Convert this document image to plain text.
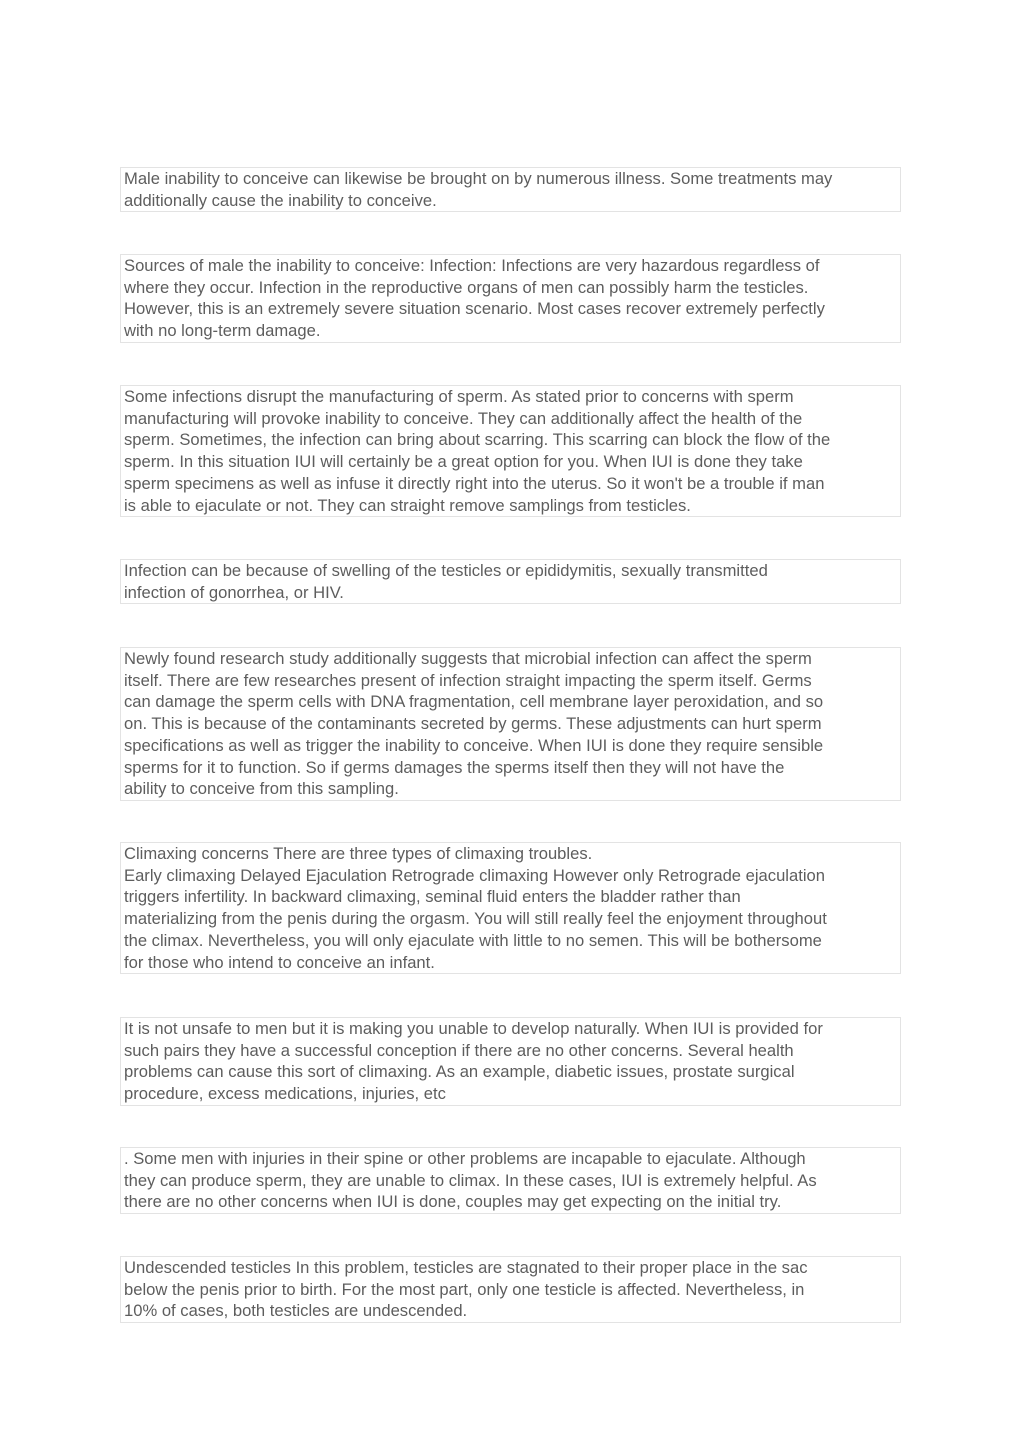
Male inability to conceive can likewise be brought on by numerous illness. Some treatments may
additionally cause the inability to conceive.
Sources of male the inability to conceive: Infection: Infections are very hazardous regardless of
where they occur. Infection in the reproductive organs of men can possibly harm the testicles.
However, this is an extremely severe situation scenario. Most cases recover extremely perfectly
with no long-term damage.
Some infections disrupt the manufacturing of sperm. As stated prior to concerns with sperm
manufacturing will provoke inability to conceive. They can additionally affect the health of the
sperm. Sometimes, the infection can bring about scarring. This scarring can block the flow of the
sperm. In this situation IUI will certainly be a great option for you. When IUI is done they take
sperm specimens as well as infuse it directly right into the uterus. So it won't be a trouble if man
is able to ejaculate or not. They can straight remove samplings from testicles.
Infection can be because of swelling of the testicles or epididymitis, sexually transmitted
infection of gonorrhea, or HIV.
Newly found research study additionally suggests that microbial infection can affect the sperm
itself. There are few researches present of infection straight impacting the sperm itself. Germs
can damage the sperm cells with DNA fragmentation, cell membrane layer peroxidation, and so
on. This is because of the contaminants secreted by germs. These adjustments can hurt sperm
specifications as well as trigger the inability to conceive. When IUI is done they require sensible
sperms for it to function. So if germs damages the sperms itself then they will not have the
ability to conceive from this sampling.
Climaxing concerns There are three types of climaxing troubles.
Early climaxing Delayed Ejaculation Retrograde climaxing However only Retrograde ejaculation
triggers infertility. In backward climaxing, seminal fluid enters the bladder rather than
materializing from the penis during the orgasm. You will still really feel the enjoyment throughout
the climax. Nevertheless, you will only ejaculate with little to no semen. This will be bothersome
for those who intend to conceive an infant.
It is not unsafe to men but it is making you unable to develop naturally. When IUI is provided for
such pairs they have a successful conception if there are no other concerns. Several health
problems can cause this sort of climaxing. As an example, diabetic issues, prostate surgical
procedure, excess medications, injuries, etc
. Some men with injuries in their spine or other problems are incapable to ejaculate. Although
they can produce sperm, they are unable to climax. In these cases, IUI is extremely helpful. As
there are no other concerns when IUI is done, couples may get expecting on the initial try.
Undescended testicles In this problem, testicles are stagnated to their proper place in the sac
below the penis prior to birth. For the most part, only one testicle is affected. Nevertheless, in
10% of cases, both testicles are undescended.
